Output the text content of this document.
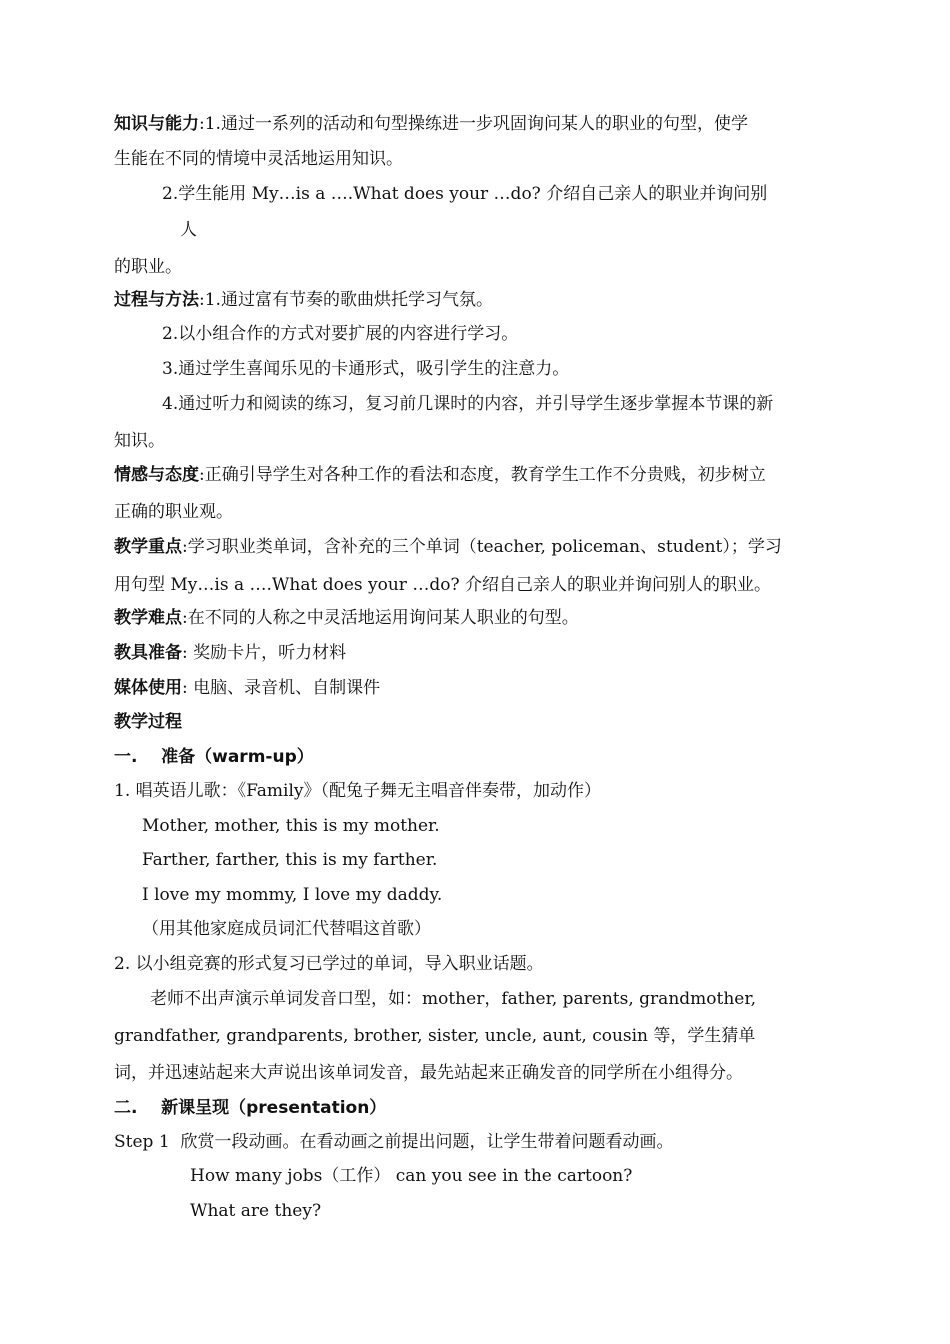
知识与能力:1.通过一系列的活动和句型操练进一步巩固询问某人的职业的句型，使学
生能在不同的情境中灵活地运用知识。
2.学生能用 My…is a ….What does your …do? 介绍自己亲人的职业并询问别
人
的职业。
过程与方法:1.通过富有节奏的歌曲烘托学习气氛。
2.以小组合作的方式对要扩展的内容进行学习。
3.通过学生喜闻乐见的卡通形式，吸引学生的注意力。
4.通过听力和阅读的练习，复习前几课时的内容，并引导学生逐步掌握本节课的新
知识。
情感与态度:正确引导学生对各种工作的看法和态度，教育学生工作不分贵贱，初步树立
正确的职业观。
教学重点:学习职业类单词，含补充的三个单词（teacher, policeman、student）；学习
用句型 My…is a ….What does your …do? 介绍自己亲人的职业并询问别人的职业。
教学难点:在不同的人称之中灵活地运用询问某人职业的句型。
教具准备: 奖励卡片，听力材料
媒体使用: 电脑、录音机、自制课件
教学过程
一.    准备（warm-up）
1. 唱英语儿歌：《Family》（配兔子舞无主唱音伴奏带，加动作）
Mother, mother, this is my mother.
Farther, farther, this is my farther.
I love my mommy, I love my daddy.
（用其他家庭成员词汇代替唱这首歌）
2. 以小组竞赛的形式复习已学过的单词，导入职业话题。
老师不出声演示单词发音口型，如：mother，father, parents, grandmother,
grandfather, grandparents, brother, sister, uncle, aunt, cousin 等，学生猜单
词，并迅速站起来大声说出该单词发音，最先站起来正确发音的同学所在小组得分。
二.    新课呈现（presentation）
Step 1  欣赏一段动画。在看动画之前提出问题，让学生带着问题看动画。
How many jobs（工作） can you see in the cartoon?
What are they?
